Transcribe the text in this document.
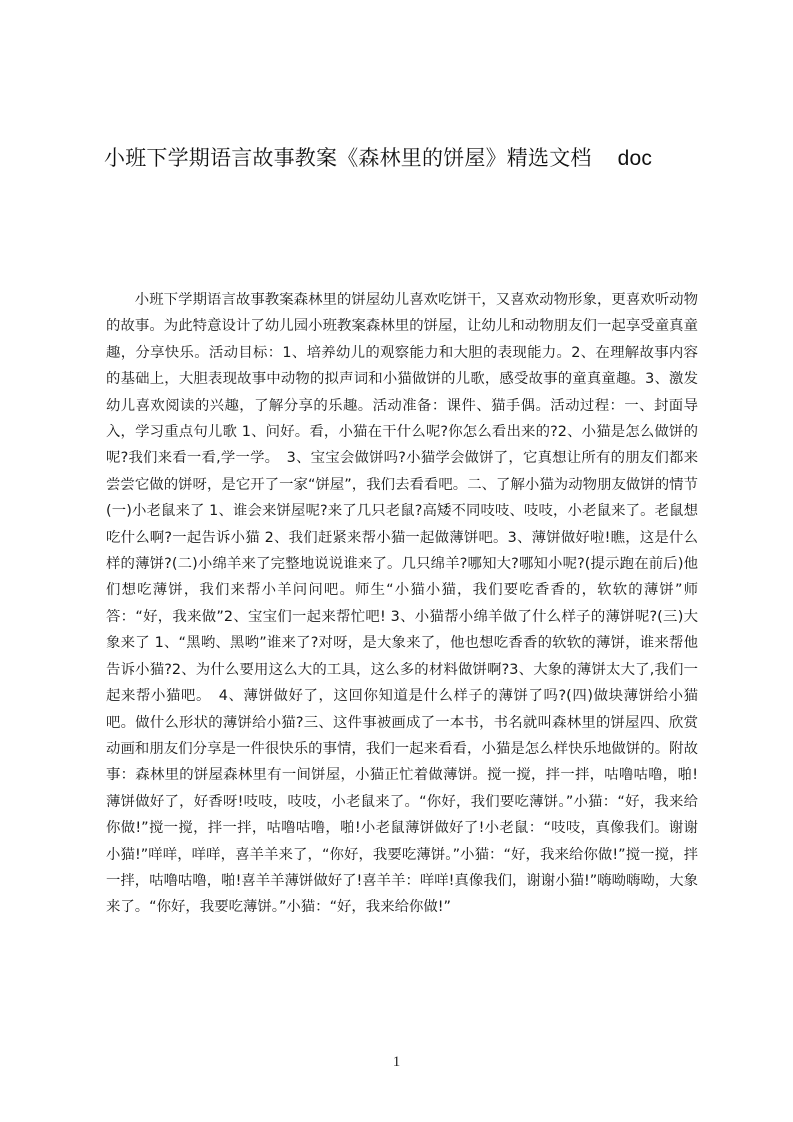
小班下学期语言故事教案《森林里的饼屋》精选文档 doc
小班下学期语言故事教案森林里的饼屋幼儿喜欢吃饼干，又喜欢动物形象，更喜欢听动物的故事。为此特意设计了幼儿园小班教案森林里的饼屋，让幼儿和动物朋友们一起享受童真童趣，分享快乐。活动目标：1、培养幼儿的观察能力和大胆的表现能力。2、在理解故事内容的基础上，大胆表现故事中动物的拟声词和小猫做饼的儿歌，感受故事的童真童趣。3、激发幼儿喜欢阅读的兴趣，了解分享的乐趣。活动准备：课件、猫手偶。活动过程：一、封面导入，学习重点句儿歌 1、问好。看，小猫在干什么呢?你怎么看出来的?2、小猫是怎么做饼的呢?我们来看一看,学一学。　3、宝宝会做饼吗?小猫学会做饼了，它真想让所有的朋友们都来尝尝它做的饼呀，是它开了一家“饼屋”，我们去看看吧。二、了解小猫为动物朋友做饼的情节(一)小老鼠来了 1、谁会来饼屋呢?来了几只老鼠?高矮不同吱吱、吱吱，小老鼠来了。老鼠想吃什么啊?一起告诉小猫 2、我们赶紧来帮小猫一起做薄饼吧。3、薄饼做好啦!瞧，这是什么样的薄饼?(二)小绵羊来了完整地说说谁来了。几只绵羊?哪知大?哪知小呢?(提示跑在前后)他们想吃薄饼，我们来帮小羊问问吧。师生“小猫小猫，我们要吃香香的，软软的薄饼”师答：“好，我来做”2、宝宝们一起来帮忙吧! 3、小猫帮小绵羊做了什么样子的薄饼呢?(三)大象来了 1、“黑哟、黑哟”谁来了?对呀，是大象来了，他也想吃香香的软软的薄饼，谁来帮他告诉小猫?2、为什么要用这么大的工具，这么多的材料做饼啊?3、大象的薄饼太大了,我们一起来帮小猫吧。　4、薄饼做好了，这回你知道是什么样子的薄饼了吗?(四)做块薄饼给小猫吧。做什么形状的薄饼给小猫?三、这件事被画成了一本书，书名就叫森林里的饼屋四、欣赏动画和朋友们分享是一件很快乐的事情，我们一起来看看，小猫是怎么样快乐地做饼的。附故事：森林里的饼屋森林里有一间饼屋，小猫正忙着做薄饼。搅一搅，拌一拌，咕噜咕噜，啪!薄饼做好了，好香呀!吱吱，吱吱，小老鼠来了。“你好，我们要吃薄饼。”小猫：“好，我来给你做!”搅一搅，拌一拌，咕噜咕噜，啪!小老鼠薄饼做好了!小老鼠：“吱吱，真像我们。谢谢小猫!”咩咩，咩咩，喜羊羊来了，“你好，我要吃薄饼。”小猫：“好，我来给你做!”搅一搅，拌一拌，咕噜咕噜，啪!喜羊羊薄饼做好了!喜羊羊：咩咩!真像我们，谢谢小猫!”嗨呦嗨呦，大象来了。“你好，我要吃薄饼。”小猫：“好，我来给你做!”
1
